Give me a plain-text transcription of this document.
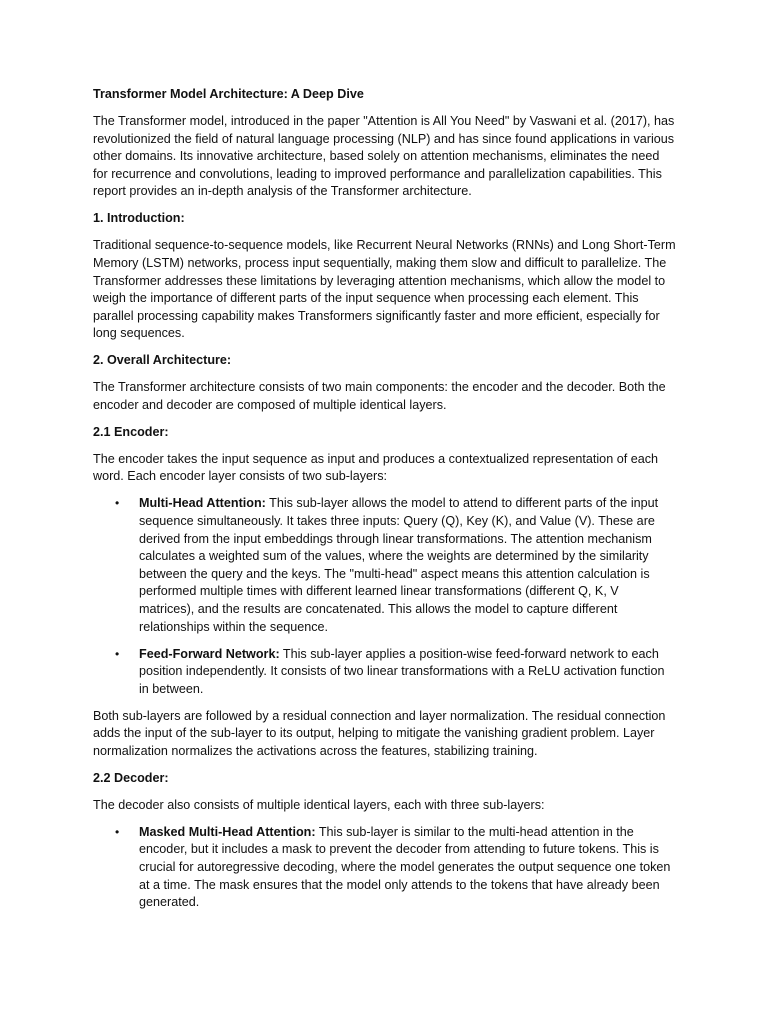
Transformer Model Architecture: A Deep Dive

The Transformer model, introduced in the paper "Attention is All You Need" by Vaswani et al. (2017), has revolutionized the field of natural language processing (NLP) and has since found applications in various other domains. Its innovative architecture, based solely on attention mechanisms, eliminates the need for recurrence and convolutions, leading to improved performance and parallelization capabilities. This report provides an in-depth analysis of the Transformer architecture.

1. Introduction:

Traditional sequence-to-sequence models, like Recurrent Neural Networks (RNNs) and Long Short-Term Memory (LSTM) networks, process input sequentially, making them slow and difficult to parallelize. The Transformer addresses these limitations by leveraging attention mechanisms, which allow the model to weigh the importance of different parts of the input sequence when processing each element. This parallel processing capability makes Transformers significantly faster and more efficient, especially for long sequences.

2. Overall Architecture:

The Transformer architecture consists of two main components: the encoder and the decoder. Both the encoder and decoder are composed of multiple identical layers.

2.1 Encoder:

The encoder takes the input sequence as input and produces a contextualized representation of each word. Each encoder layer consists of two sub-layers:

• Multi-Head Attention: This sub-layer allows the model to attend to different parts of the input sequence simultaneously. It takes three inputs: Query (Q), Key (K), and Value (V). These are derived from the input embeddings through linear transformations. The attention mechanism calculates a weighted sum of the values, where the weights are determined by the similarity between the query and the keys. The "multi-head" aspect means this attention calculation is performed multiple times with different learned linear transformations (different Q, K, V matrices), and the results are concatenated. This allows the model to capture different relationships within the sequence.
• Feed-Forward Network: This sub-layer applies a position-wise feed-forward network to each position independently. It consists of two linear transformations with a ReLU activation function in between.

Both sub-layers are followed by a residual connection and layer normalization. The residual connection adds the input of the sub-layer to its output, helping to mitigate the vanishing gradient problem. Layer normalization normalizes the activations across the features, stabilizing training.

2.2 Decoder:

The decoder also consists of multiple identical layers, each with three sub-layers:

• Masked Multi-Head Attention: This sub-layer is similar to the multi-head attention in the encoder, but it includes a mask to prevent the decoder from attending to future tokens. This is crucial for autoregressive decoding, where the model generates the output sequence one token at a time. The mask ensures that the model only attends to the tokens that have already been generated.
